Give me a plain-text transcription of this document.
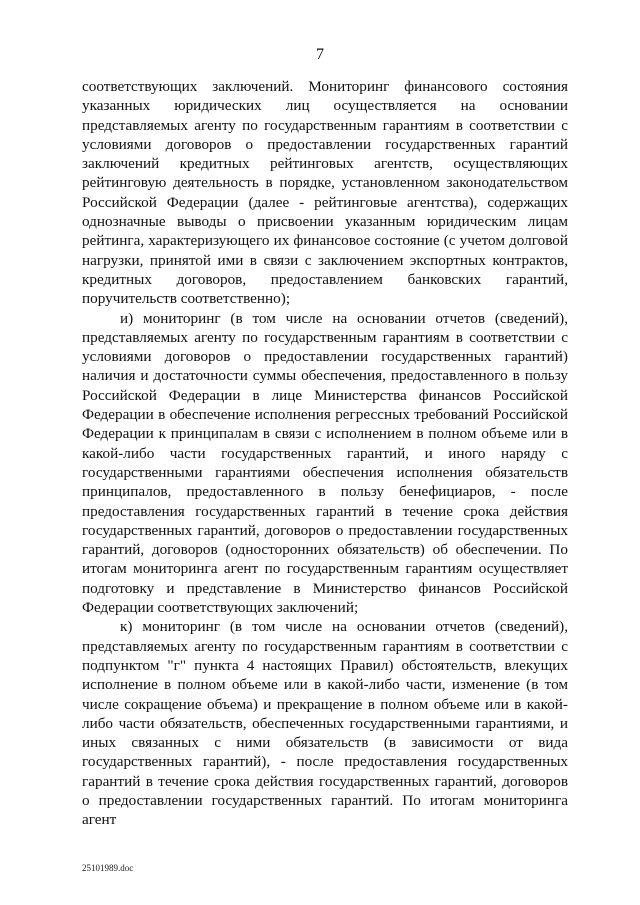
7

соответствующих заключений. Мониторинг финансового состояния указанных юридических лиц осуществляется на основании представляемых агенту по государственным гарантиям в соответствии с условиями договоров о предоставлении государственных гарантий заключений кредитных рейтинговых агентств, осуществляющих рейтинговую деятельность в порядке, установленном законодательством Российской Федерации (далее - рейтинговые агентства), содержащих однозначные выводы о присвоении указанным юридическим лицам рейтинга, характеризующего их финансовое состояние (с учетом долговой нагрузки, принятой ими в связи с заключением экспортных контрактов, кредитных договоров, предоставлением банковских гарантий, поручительств соответственно);

и) мониторинг (в том числе на основании отчетов (сведений), представляемых агенту по государственным гарантиям в соответствии с условиями договоров о предоставлении государственных гарантий) наличия и достаточности суммы обеспечения, предоставленного в пользу Российской Федерации в лице Министерства финансов Российской Федерации в обеспечение исполнения регрессных требований Российской Федерации к принципалам в связи с исполнением в полном объеме или в какой-либо части государственных гарантий, и иного наряду с государственными гарантиями обеспечения исполнения обязательств принципалов, предоставленного в пользу бенефициаров, - после предоставления государственных гарантий в течение срока действия государственных гарантий, договоров о предоставлении государственных гарантий, договоров (односторонних обязательств) об обеспечении. По итогам мониторинга агент по государственным гарантиям осуществляет подготовку и представление в Министерство финансов Российской Федерации соответствующих заключений;

к) мониторинг (в том числе на основании отчетов (сведений), представляемых агенту по государственным гарантиям в соответствии с подпунктом "г" пункта 4 настоящих Правил) обстоятельств, влекущих исполнение в полном объеме или в какой-либо части, изменение (в том числе сокращение объема) и прекращение в полном объеме или в какой-либо части обязательств, обеспеченных государственными гарантиями, и иных связанных с ними обязательств (в зависимости от вида государственных гарантий), - после предоставления государственных гарантий в течение срока действия государственных гарантий, договоров о предоставлении государственных гарантий. По итогам мониторинга агент

25101989.doc
